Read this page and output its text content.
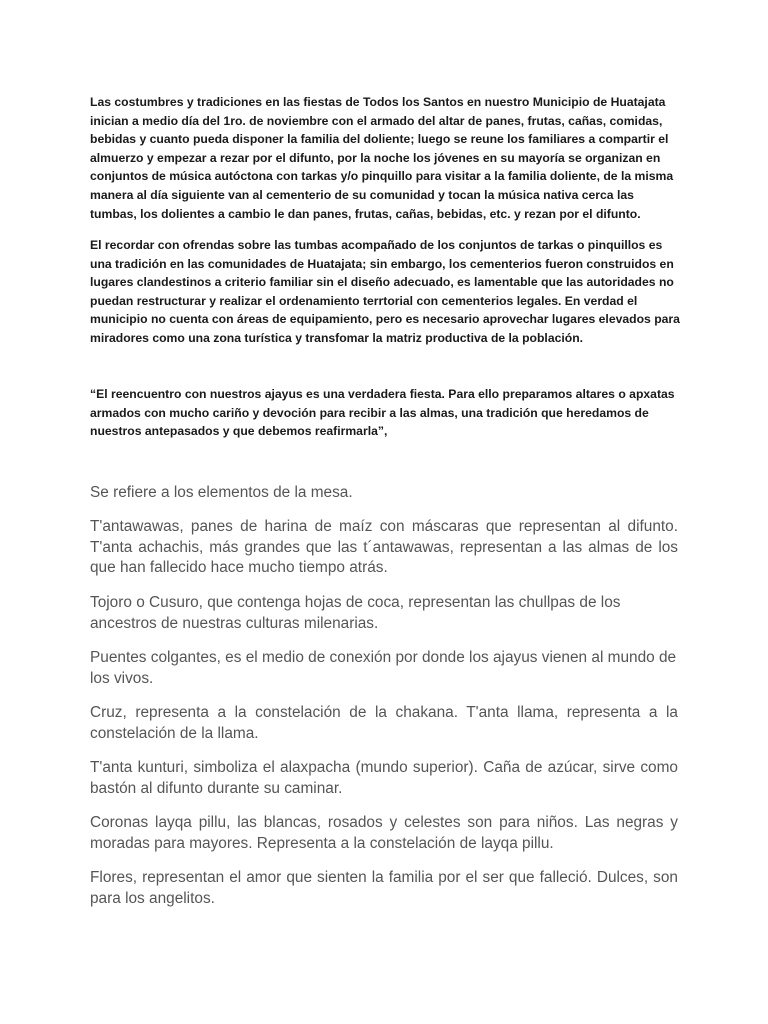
Las costumbres y tradiciones en las fiestas de Todos los Santos en nuestro Municipio de Huatajata inician a medio día del 1ro. de noviembre con el armado del altar de panes, frutas, cañas, comidas, bebidas y cuanto pueda disponer la familia del doliente; luego se reune los familiares a compartir el almuerzo y empezar a rezar por el difunto, por la noche los jóvenes en su mayoría se organizan en conjuntos de música autóctona con tarkas y/o pinquillo para visitar a la familia doliente, de la misma manera al día siguiente van al cementerio de su comunidad y tocan la música nativa cerca las tumbas, los dolientes a cambio le dan panes, frutas, cañas, bebidas, etc. y rezan por el difunto.

El recordar con ofrendas sobre las tumbas acompañado de los conjuntos de tarkas o pinquillos es una tradición en las comunidades de Huatajata; sin embargo, los cementerios fueron construidos en lugares clandestinos a criterio familiar sin el diseño adecuado, es lamentable que las autoridades no puedan restructurar y realizar el ordenamiento terrtorial con cementerios legales. En verdad el municipio no cuenta con áreas de equipamiento, pero es necesario aprovechar lugares elevados para miradores como una zona turística y transfomar la matriz productiva de la población.

“El reencuentro con nuestros ajayus es una verdadera fiesta. Para ello preparamos altares o apxatas armados con mucho cariño y devoción para recibir a las almas, una tradición que heredamos de nuestros antepasados y que debemos reafirmarla”,

Se refiere a los elementos de la mesa.

T'antawawas, panes de harina de maíz con máscaras que representan al difunto. T'anta achachis, más grandes que las t´antawawas, representan a las almas de los que han fallecido hace mucho tiempo atrás.

Tojoro o Cusuro, que contenga hojas de coca, representan las chullpas de los ancestros de nuestras culturas milenarias.

Puentes colgantes, es el medio de conexión por donde los ajayus vienen al mundo de los vivos.

Cruz, representa a la constelación de la chakana. T'anta llama, representa a la constelación de la llama.

T'anta kunturi, simboliza el alaxpacha (mundo superior). Caña de azúcar, sirve como bastón al difunto durante su caminar.

Coronas layqa pillu, las blancas, rosados y celestes son para niños. Las negras y moradas para mayores. Representa a la constelación de layqa pillu.

Flores, representan el amor que sienten la familia por el ser que falleció. Dulces, son para los angelitos.
